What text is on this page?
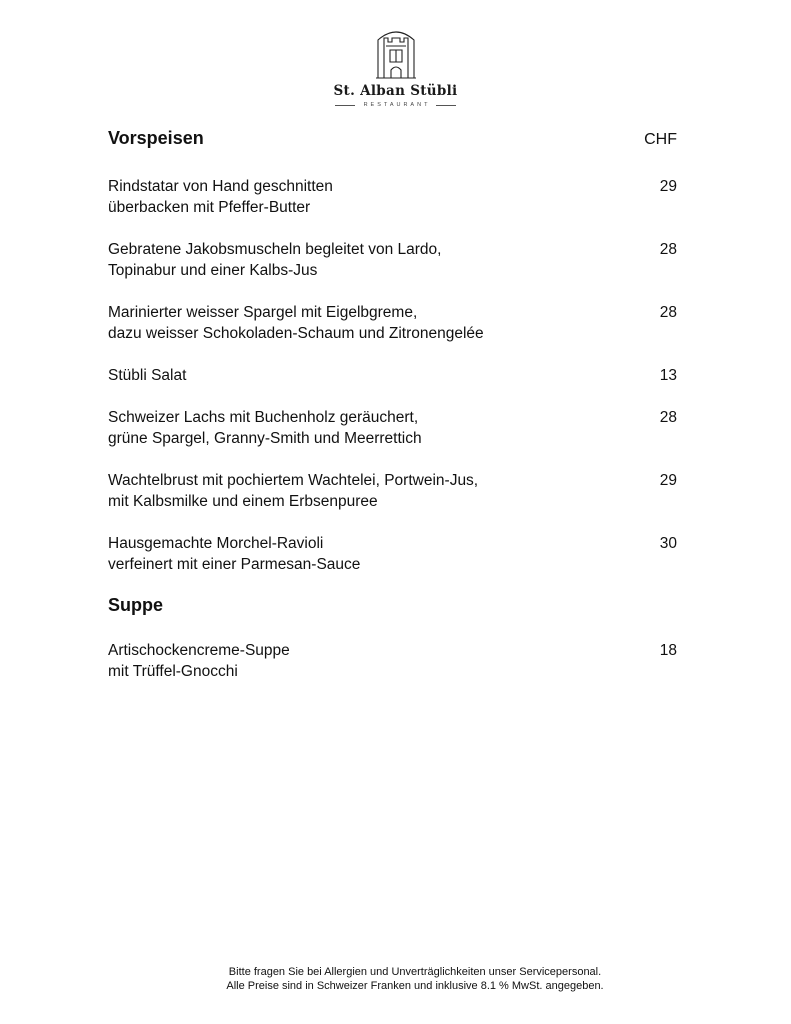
St. Alban Stübli
RESTAURANT
Vorspeisen	CHF
Rindstatar von Hand geschnitten
überbacken mit Pfeffer-Butter
29
Gebratene Jakobsmuscheln begleitet von Lardo,
Topinabur und einer Kalbs-Jus
28
Marinierter weisser Spargel mit Eigelbgreme,
dazu weisser Schokoladen-Schaum und Zitronengelée
28
Stübli Salat	13
Schweizer Lachs mit Buchenholz geräuchert,
grüne Spargel, Granny-Smith und Meerrettich
28
Wachtelbrust mit pochiertem Wachtelei, Portwein-Jus,
mit Kalbsmilke und einem Erbsenpuree
29
Hausgemachte Morchel-Ravioli
verfeinert mit einer Parmesan-Sauce
30
Suppe
Artischockencreme-Suppe
mit Trüffel-Gnocchi
18
Bitte fragen Sie bei Allergien und Unverträglichkeiten unser Servicepersonal.
Alle Preise sind in Schweizer Franken und inklusive 8.1 % MwSt. angegeben.
